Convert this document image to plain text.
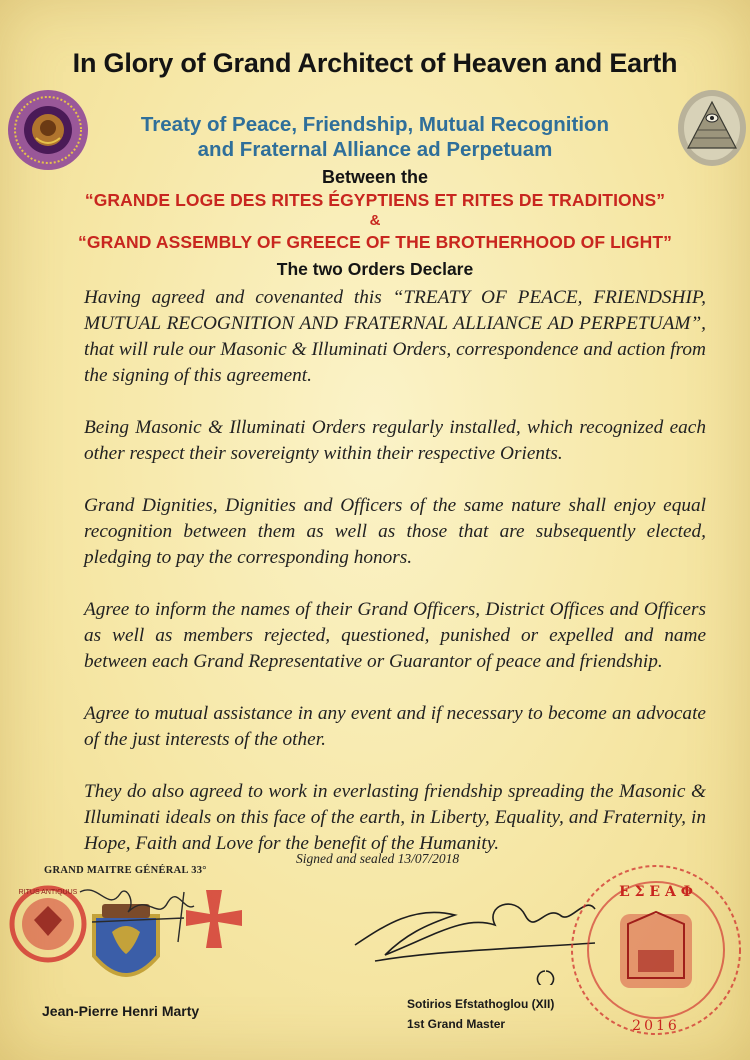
In Glory of Grand Architect of Heaven and Earth
Treaty of Peace, Friendship, Mutual Recognition
and Fraternal Alliance ad Perpetuam
Between the
“GRANDE LOGE DES RITES ÉGYPTIENS ET RITES DE TRADITIONS”
&
“GRAND ASSEMBLY OF GREECE OF THE BROTHERHOOD OF LIGHT”
The two Orders Declare

Having agreed and covenanted this “TREATY OF PEACE, FRIENDSHIP, MUTUAL RECOGNITION AND FRATERNAL ALLIANCE AD PERPETUAM”, that will rule our Masonic & Illuminati Orders, correspondence and action from the signing of this agreement.

Being Masonic & Illuminati Orders regularly installed, which recognized each other respect their sovereignty within their respective Orients.

Grand Dignities, Dignities and Officers of the same nature shall enjoy equal recognition between them as well as those that are subsequently elected, pledging to pay the corresponding honors.

Agree to inform the names of their Grand Officers, District Offices and Officers as well as members rejected, questioned, punished or expelled and name between each Grand Representative or Guarantor of peace and friendship.

Agree to mutual assistance in any event and if necessary to become an advocate of the just interests of the other.

They do also agreed to work in everlasting friendship spreading the Masonic & Illuminati ideals on this face of the earth, in Liberty, Equality, and Fraternity, in Hope, Faith and Love for the benefit of the Humanity.

Signed and sealed 13/07/2018
GRAND MAITRE GÉNÉRAL 33°
RITUS ANTIQUUS
Jean-Pierre Henri Marty
Ε Σ Ε Α Φ
2016
Sotirios Efstathoglou (XII)
1st Grand Master
